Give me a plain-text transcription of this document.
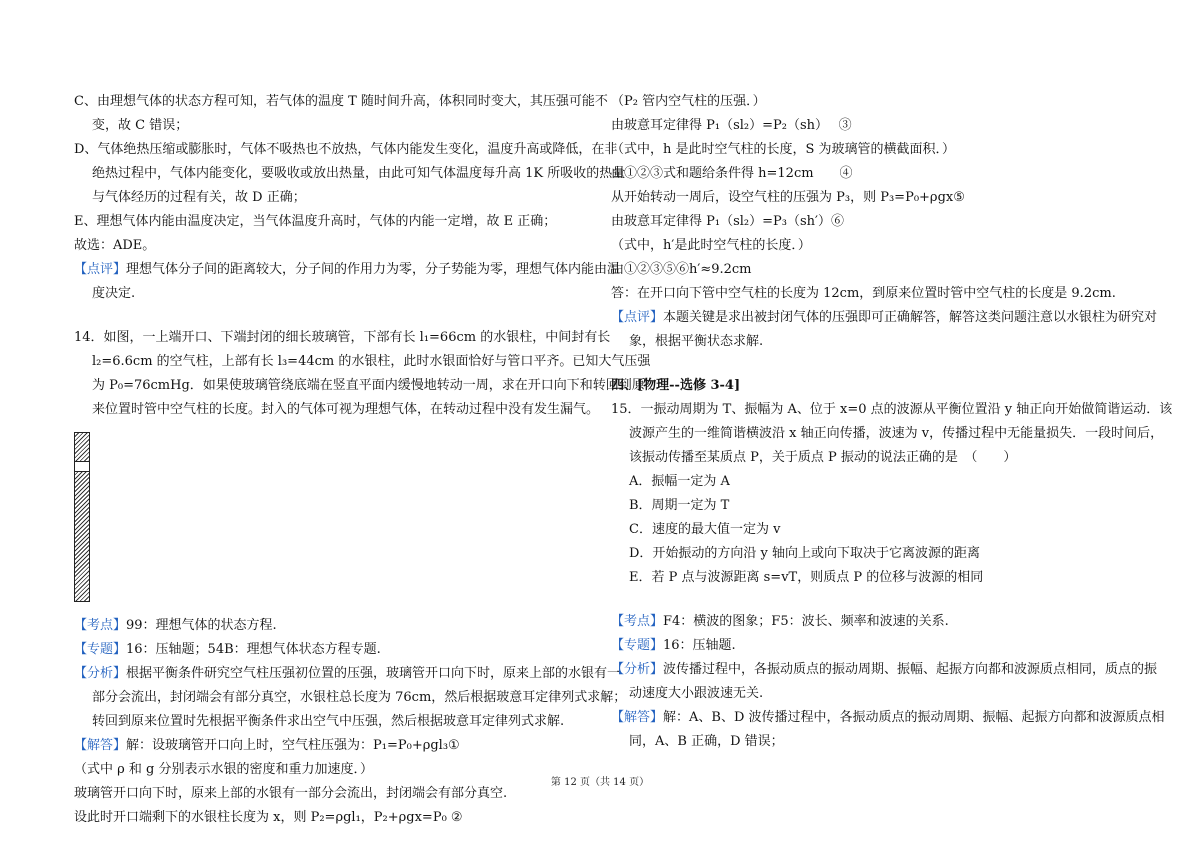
C、由理想气体的状态方程可知，若气体的温度 T 随时间升高，体积同时变大，其压强可能不
变，故 C 错误；
D、气体绝热压缩或膨胀时，气体不吸热也不放热，气体内能发生变化，温度升高或降低，在非
绝热过程中，气体内能变化，要吸收或放出热量，由此可知气体温度每升高 1K 所吸收的热量
与气体经历的过程有关，故 D 正确；
E、理想气体内能由温度决定，当气体温度升高时，气体的内能一定增，故 E 正确；
故选：ADE。
【点评】理想气体分子间的距离较大，分子间的作用力为零，分子势能为零，理想气体内能由温
度决定.
14．如图，一上端开口、下端封闭的细长玻璃管，下部有长 l₁=66cm 的水银柱，中间封有长
l₂=6.6cm 的空气柱，上部有长 l₃=44cm 的水银柱，此时水银面恰好与管口平齐。已知大气压强
为 P₀=76cmHg．如果使玻璃管绕底端在竖直平面内缓慢地转动一周，求在开口向下和转回到原
来位置时管中空气柱的长度。封入的气体可视为理想气体，在转动过程中没有发生漏气。
【考点】99：理想气体的状态方程.
【专题】16：压轴题；54B：理想气体状态方程专题.
【分析】根据平衡条件研究空气柱压强初位置的压强，玻璃管开口向下时，原来上部的水银有一
部分会流出，封闭端会有部分真空，水银柱总长度为 76cm，然后根据玻意耳定律列式求解；
转回到原来位置时先根据平衡条件求出空气中压强，然后根据玻意耳定律列式求解.
【解答】解：设玻璃管开口向上时，空气柱压强为：P₁=P₀+ρgl₃①
（式中 ρ 和 g 分别表示水银的密度和重力加速度．）
玻璃管开口向下时，原来上部的水银有一部分会流出，封闭端会有部分真空.
设此时开口端剩下的水银柱长度为 x，则 P₂=ρgl₁，P₂+ρgx=P₀ ②
（P₂ 管内空气柱的压强．）
由玻意耳定律得 P₁（sl₂）=P₂（sh）　 ③
（式中，h 是此时空气柱的长度，S 为玻璃管的横截面积．）
由①②③式和题给条件得 h=12cm　　④
从开始转动一周后，设空气柱的压强为 P₃，则 P₃=P₀+ρgx⑤
由玻意耳定律得 P₁（sl₂）=P₃（sh′）⑥
（式中，h′是此时空气柱的长度．）
由①②③⑤⑥h′≈9.2cm
答：在开口向下管中空气柱的长度为 12cm，到原来位置时管中空气柱的长度是 9.2cm.
【点评】本题关键是求出被封闭气体的压强即可正确解答，解答这类问题注意以水银柱为研究对
象，根据平衡状态求解.
四、[物理--选修 3-4]
15．一振动周期为 T、振幅为 A、位于 x=0 点的波源从平衡位置沿 y 轴正向开始做简谐运动．该
波源产生的一维简谐横波沿 x 轴正向传播，波速为 v，传播过程中无能量损失．一段时间后，
该振动传播至某质点 P，关于质点 P 振动的说法正确的是　（　　）
A．振幅一定为 A
B．周期一定为 T
C．速度的最大值一定为 v
D．开始振动的方向沿 y 轴向上或向下取决于它离波源的距离
E．若 P 点与波源距离 s=vT，则质点 P 的位移与波源的相同
【考点】F4：横波的图象；F5：波长、频率和波速的关系.
【专题】16：压轴题.
【分析】波传播过程中，各振动质点的振动周期、振幅、起振方向都和波源质点相同，质点的振
动速度大小跟波速无关.
【解答】解：A、B、D 波传播过程中，各振动质点的振动周期、振幅、起振方向都和波源质点相
同，A、B 正确，D 错误；
第 12 页（共 14 页）
